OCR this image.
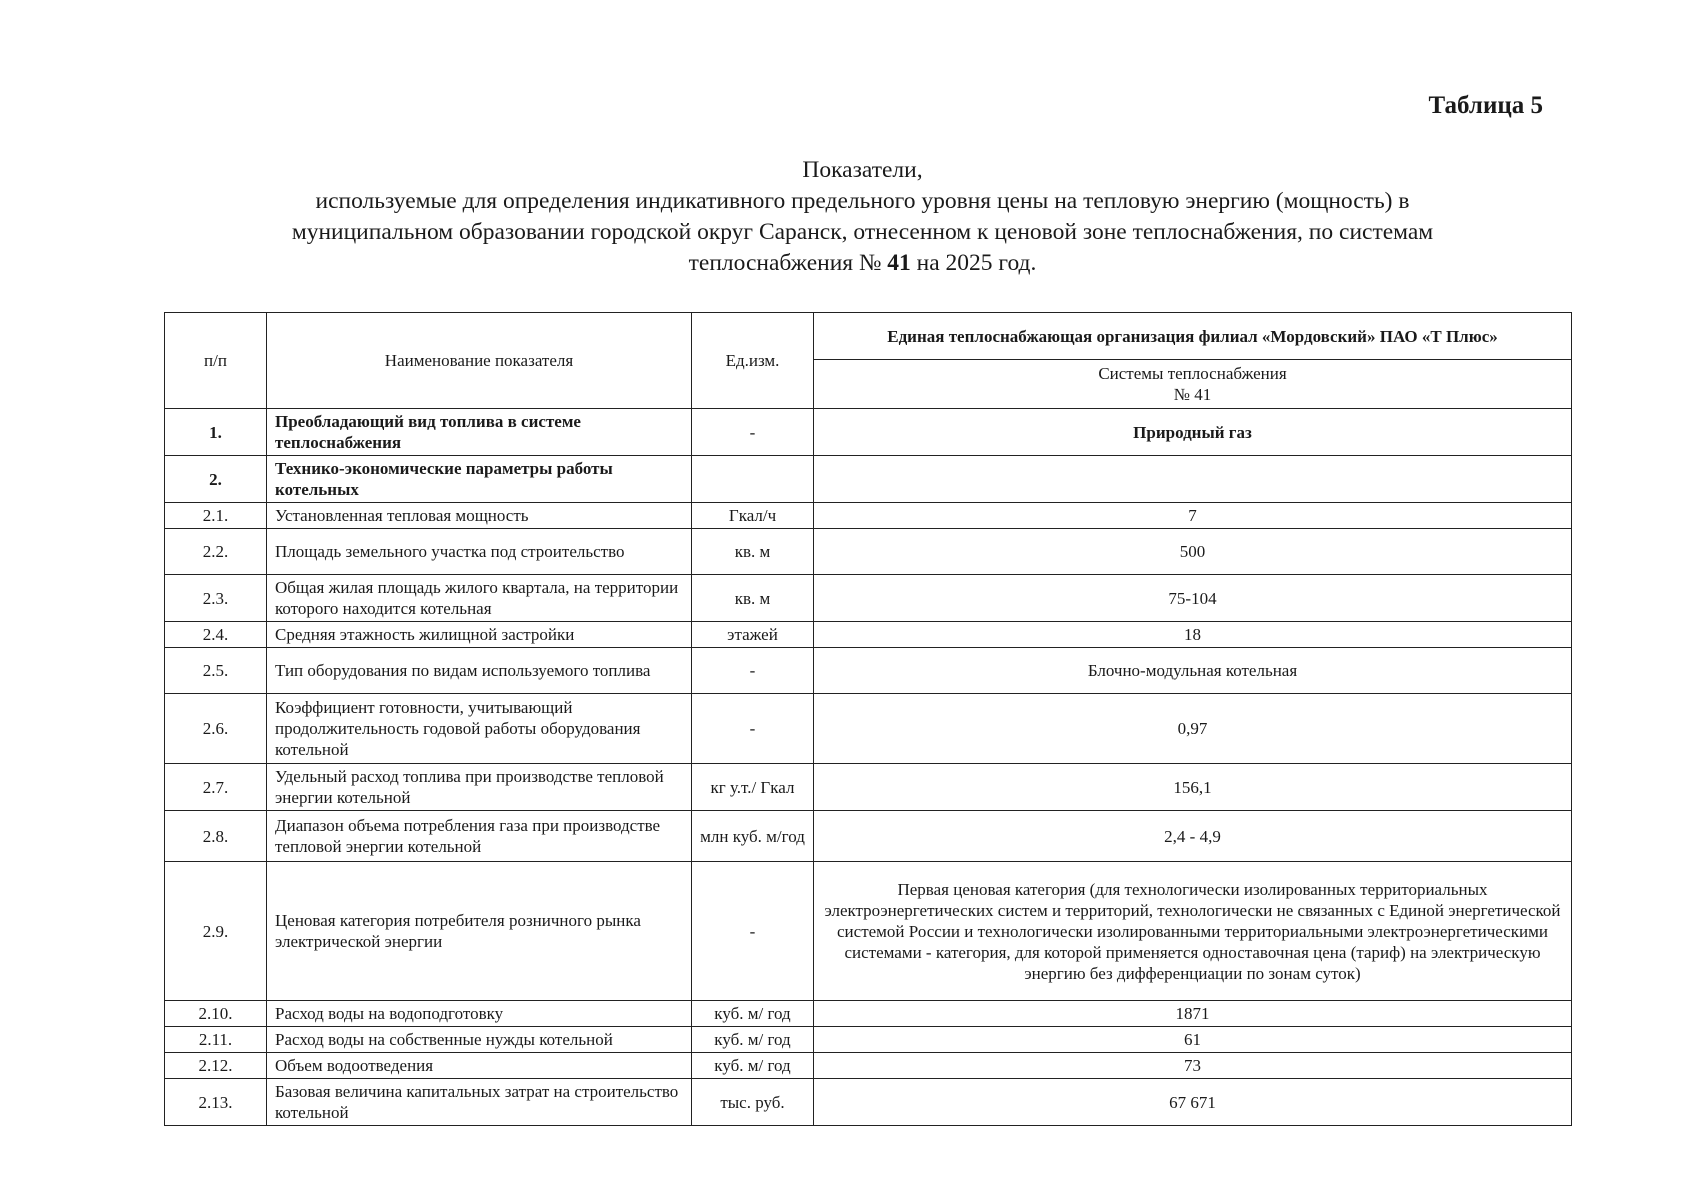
Таблица 5
Показатели,
используемые для определения индикативного предельного уровня цены на тепловую энергию (мощность) в
муниципальном образовании городской округ Саранск, отнесенном к ценовой зоне теплоснабжения, по системам
теплоснабжения № 41 на 2025 год.
п/п	Наименование показателя	Ед.изм.	Единая теплоснабжающая организация филиал «Мордовский» ПАО «Т Плюс»

			Системы теплоснабжения
№ 41

1.	Преобладающий вид топлива в системе теплоснабжения	-	Природный газ
2.	Технико-экономические параметры работы котельных		
2.1.	Установленная тепловая мощность	Гкал/ч	7
2.2.	Площадь земельного участка под строительство	кв. м	500
2.3.	Общая жилая площадь жилого квартала, на территории которого находится котельная	кв. м	75-104
2.4.	Средняя этажность жилищной застройки	этажей	18
2.5.	Тип оборудования по видам используемого топлива	-	Блочно-модульная котельная
2.6.	Коэффициент готовности, учитывающий продолжительность годовой работы оборудования котельной	-	0,97
2.7.	Удельный расход топлива при производстве тепловой энергии котельной	кг у.т./ Гкал	156,1
2.8.	Диапазон объема потребления газа при производстве тепловой энергии котельной	млн куб. м/год	2,4 - 4,9
2.9.	Ценовая категория потребителя розничного рынка электрической энергии	-	Первая ценовая категория (для технологически изолированных территориальных электроэнергетических систем и территорий, технологически не связанных с Единой энергетической системой России и технологически изолированными территориальными электроэнергетическими системами - категория, для которой применяется одноставочная цена (тариф) на электрическую энергию без дифференциации по зонам суток)
2.10.	Расход воды на водоподготовку	куб. м/ год	1871
2.11.	Расход воды на собственные нужды котельной	куб. м/ год	61
2.12.	Объем водоотведения	куб. м/ год	73
2.13.	Базовая величина капитальных затрат на строительство котельной	тыс. руб.	67 671
